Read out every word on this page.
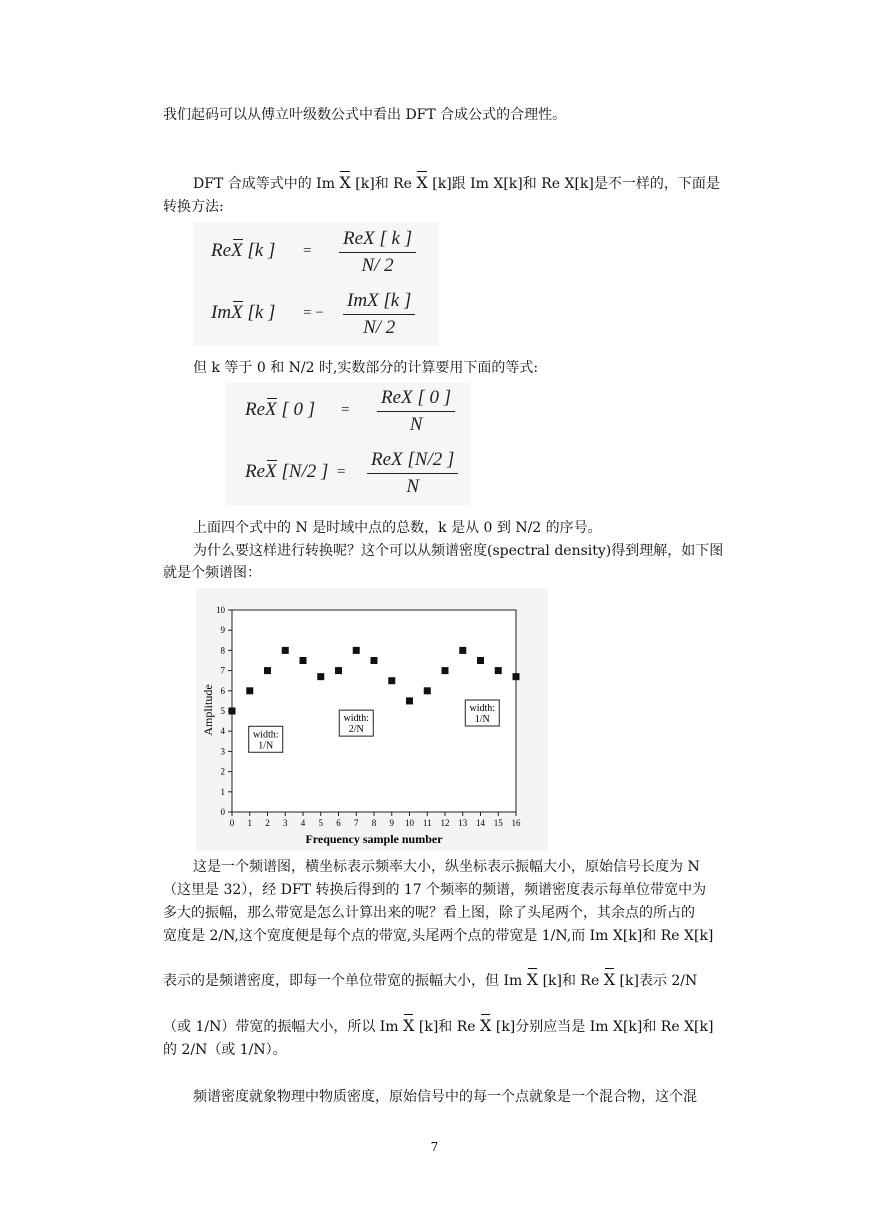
我们起码可以从傅立叶级数公式中看出 DFT 合成公式的合理性。
DFT 合成等式中的 Im X [k]和 Re X [k]跟 Im X[k]和 Re X[k]是不一样的，下面是
转换方法:
ReX [k ] =
ReX [ k ]
N/ 2
ImX [k ] = −
ImX [k ]
N/ 2
但 k 等于 0 和 N/2 时,实数部分的计算要用下面的等式:
ReX [ 0 ] =
ReX [ 0 ]
N
ReX [N/2 ] =
ReX [N/2 ]
N
上面四个式中的 N 是时域中点的总数，k 是从 0 到 N/2 的序号。
为什么要这样进行转换呢？这个可以从频谱密度(spectral density)得到理解，如下图
就是个频谱图：
0 1 2 3 4 5 6 7 8 9 10 11 12 13 14 15 16
0
1
2
3
4
5
6
7
8
9
10
width:
1/N
width:
2/N
width:
1/N
Frequency sample number
Amplitude
这是一个频谱图，横坐标表示频率大小，纵坐标表示振幅大小，原始信号长度为 N
（这里是 32），经 DFT 转换后得到的 17 个频率的频谱，频谱密度表示每单位带宽中为
多大的振幅，那么带宽是怎么计算出来的呢？看上图，除了头尾两个，其余点的所占的
宽度是 2/N,这个宽度便是每个点的带宽,头尾两个点的带宽是 1/N,而 Im X[k]和 Re X[k]
表示的是频谱密度，即每一个单位带宽的振幅大小，但 Im X [k]和 Re X [k]表示 2/N
（或 1/N）带宽的振幅大小，所以 Im X [k]和 Re X [k]分别应当是 Im X[k]和 Re X[k]
的 2/N（或 1/N）。
频谱密度就象物理中物质密度，原始信号中的每一个点就象是一个混合物，这个混
7
